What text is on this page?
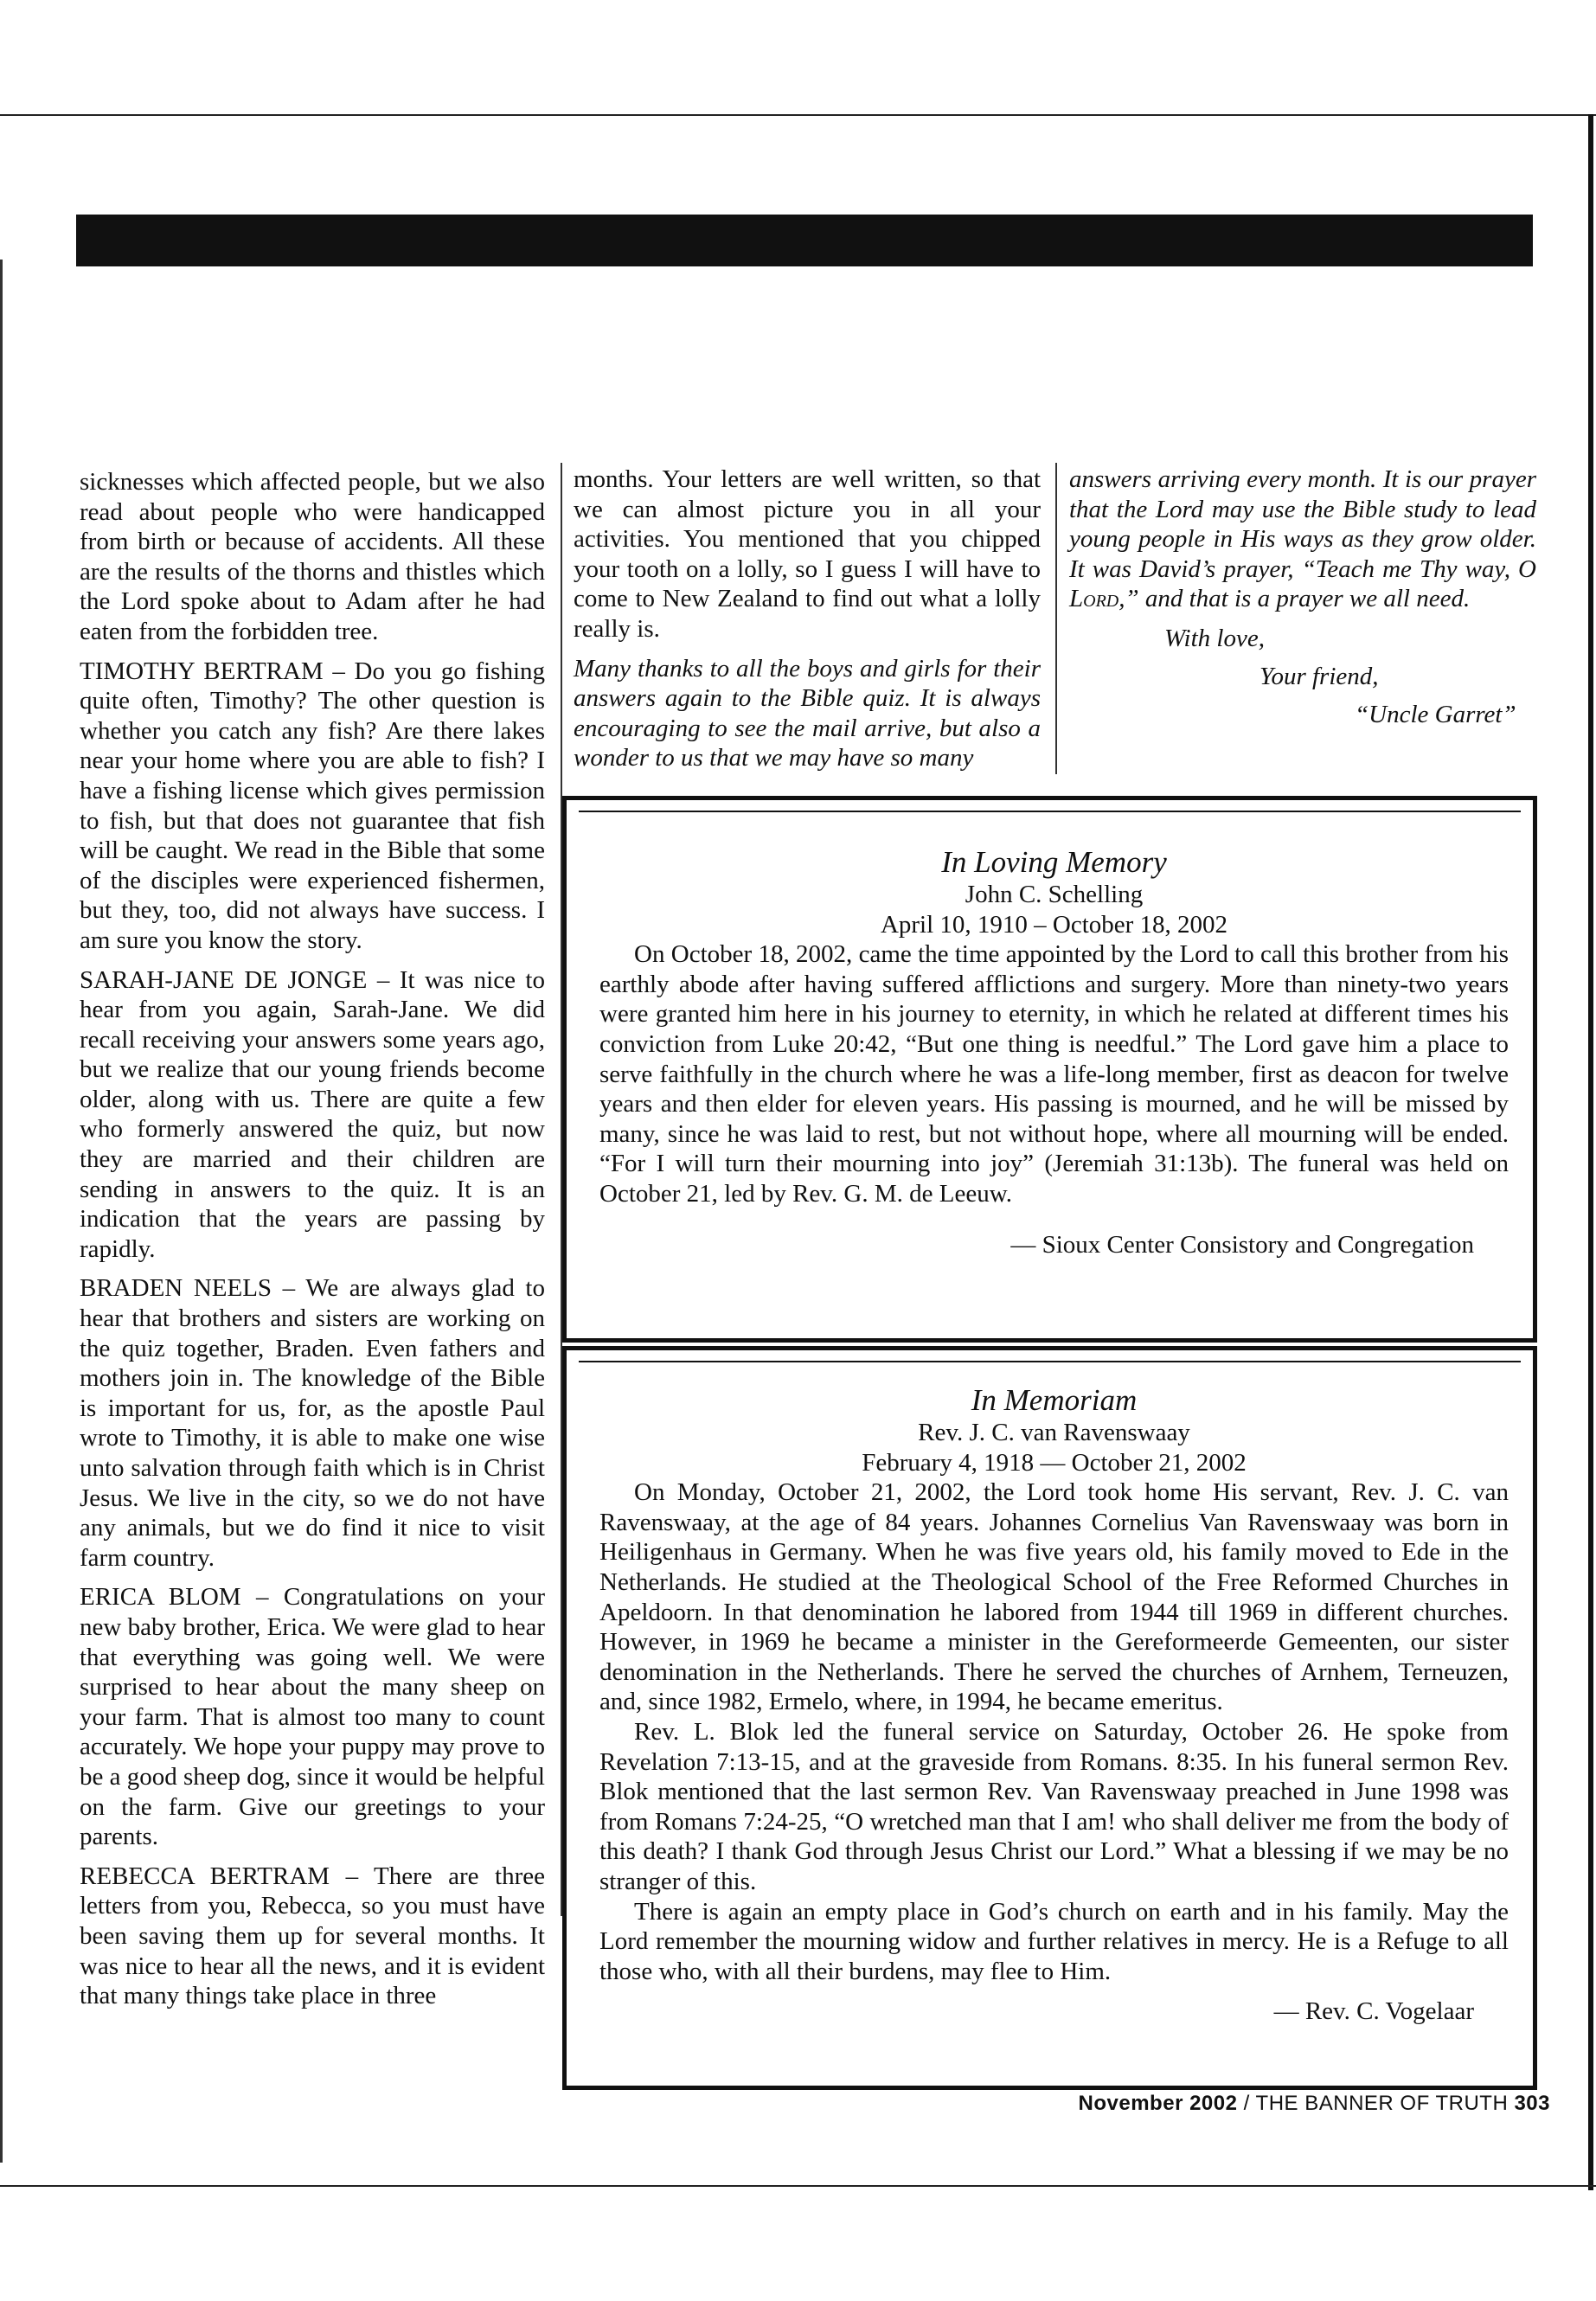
sicknesses which affected people, but we also read about people who were handicapped from birth or because of accidents. All these are the results of the thorns and thistles which the Lord spoke about to Adam after he had eaten from the forbidden tree.

TIMOTHY BERTRAM – Do you go fishing quite often, Timothy? The other question is whether you catch any fish? Are there lakes near your home where you are able to fish? I have a fishing license which gives permission to fish, but that does not guarantee that fish will be caught. We read in the Bible that some of the disciples were experienced fishermen, but they, too, did not always have success. I am sure you know the story.

SARAH-JANE DE JONGE – It was nice to hear from you again, Sarah-Jane. We did recall receiving your answers some years ago, but we realize that our young friends become older, along with us. There are quite a few who formerly answered the quiz, but now they are married and their children are sending in answers to the quiz. It is an indication that the years are passing by rapidly.

BRADEN NEELS – We are always glad to hear that brothers and sisters are working on the quiz together, Braden. Even fathers and mothers join in. The knowledge of the Bible is important for us, for, as the apostle Paul wrote to Timothy, it is able to make one wise unto salvation through faith which is in Christ Jesus. We live in the city, so we do not have any animals, but we do find it nice to visit farm country.

ERICA BLOM – Congratulations on your new baby brother, Erica. We were glad to hear that everything was going well. We were surprised to hear about the many sheep on your farm. That is almost too many to count accurately. We hope your puppy may prove to be a good sheep dog, since it would be helpful on the farm. Give our greetings to your parents.

REBECCA BERTRAM – There are three letters from you, Rebecca, so you must have been saving them up for several months. It was nice to hear all the news, and it is evident that many things take place in three

months. Your letters are well written, so that we can almost picture you in all your activities. You mentioned that you chipped your tooth on a lolly, so I guess I will have to come to New Zealand to find out what a lolly really is.

Many thanks to all the boys and girls for their answers again to the Bible quiz. It is always encouraging to see the mail arrive, but also a wonder to us that we may have so many

answers arriving every month. It is our prayer that the Lord may use the Bible study to lead young people in His ways as they grow older. It was David’s prayer, “Teach me Thy way, O Lord,” and that is a prayer we all need.

With love,
Your friend,
“Uncle Garret”
In Loving Memory
John C. Schelling
April 10, 1910 – October 18, 2002

On October 18, 2002, came the time appointed by the Lord to call this brother from his earthly abode after having suffered afflictions and surgery. More than ninety-two years were granted him here in his journey to eternity, in which he related at different times his conviction from Luke 20:42, “But one thing is needful.” The Lord gave him a place to serve faithfully in the church where he was a life-long member, first as deacon for twelve years and then elder for eleven years. His passing is mourned, and he will be missed by many, since he was laid to rest, but not without hope, where all mourning will be ended. “For I will turn their mourning into joy” (Jeremiah 31:13b). The funeral was held on October 21, led by Rev. G. M. de Leeuw.

— Sioux Center Consistory and Congregation
In Memoriam
Rev. J. C. van Ravenswaay
February 4, 1918 — October 21, 2002

On Monday, October 21, 2002, the Lord took home His servant, Rev. J. C. van Ravenswaay, at the age of 84 years. Johannes Cornelius Van Ravenswaay was born in Heiligenhaus in Germany. When he was five years old, his family moved to Ede in the Netherlands. He studied at the Theological School of the Free Reformed Churches in Apeldoorn. In that denomination he labored from 1944 till 1969 in different churches. However, in 1969 he became a minister in the Gereformeerde Gemeenten, our sister denomination in the Netherlands. There he served the churches of Arnhem, Terneuzen, and, since 1982, Ermelo, where, in 1994, he became emeritus.

Rev. L. Blok led the funeral service on Saturday, October 26. He spoke from Revelation 7:13-15, and at the graveside from Romans. 8:35. In his funeral sermon Rev. Blok mentioned that the last sermon Rev. Van Ravenswaay preached in June 1998 was from Romans 7:24-25, “O wretched man that I am! who shall deliver me from the body of this death? I thank God through Jesus Christ our Lord.” What a blessing if we may be no stranger of this.

There is again an empty place in God’s church on earth and in his family. May the Lord remember the mourning widow and further relatives in mercy. He is a Refuge to all those who, with all their burdens, may flee to Him.

— Rev. C. Vogelaar
November 2002 / THE BANNER OF TRUTH 303
